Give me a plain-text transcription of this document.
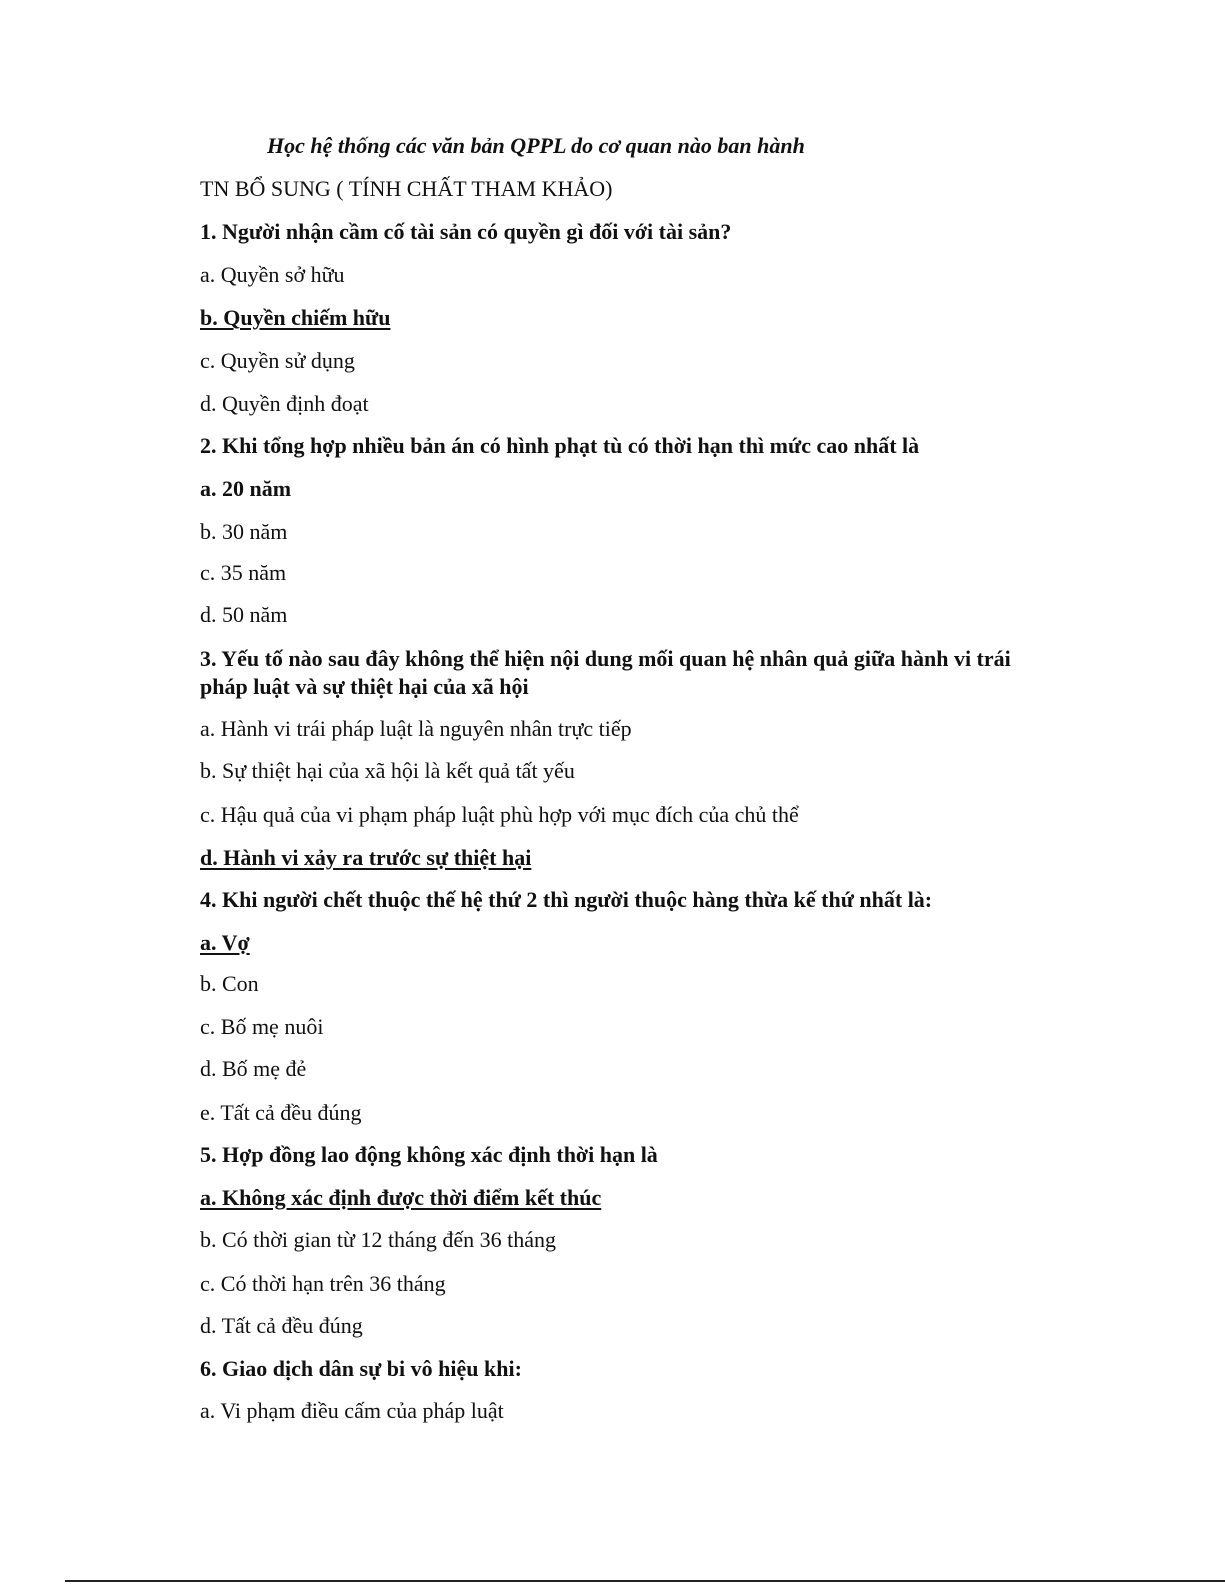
Học hệ thống các văn bản QPPL do cơ quan nào ban hành
TN BỔ SUNG ( TÍNH CHẤT THAM KHẢO)
1. Người nhận cầm cố tài sản có quyền gì đối với tài sản?
a. Quyền sở hữu
b. Quyền chiếm hữu
c. Quyền sử dụng
d. Quyền định đoạt
2. Khi tổng hợp nhiều bản án có hình phạt tù có thời hạn thì mức cao nhất là
a. 20 năm
b. 30 năm
c. 35 năm
d. 50 năm
3. Yếu tố nào sau đây không thể hiện nội dung mối quan hệ nhân quả giữa hành vi trái pháp luật và sự thiệt hại của xã hội
a. Hành vi trái pháp luật là nguyên nhân trực tiếp
b. Sự thiệt hại của xã hội là kết quả tất yếu
c. Hậu quả của vi phạm pháp luật phù hợp với mục đích của chủ thể
d. Hành vi xảy ra trước sự thiệt hại
4. Khi người chết thuộc thế hệ thứ 2 thì người thuộc hàng thừa kế thứ nhất là:
a. Vợ
b. Con
c. Bố mẹ nuôi
d. Bố mẹ đẻ
e. Tất cả đều đúng
5. Hợp đồng lao động không xác định thời hạn là
a. Không xác định được thời điểm kết thúc
b. Có thời gian từ 12 tháng đến 36 tháng
c. Có thời hạn trên 36 tháng
d. Tất cả đều đúng
6. Giao dịch dân sự bi vô hiệu khi:
a. Vi phạm điều cấm của pháp luật
